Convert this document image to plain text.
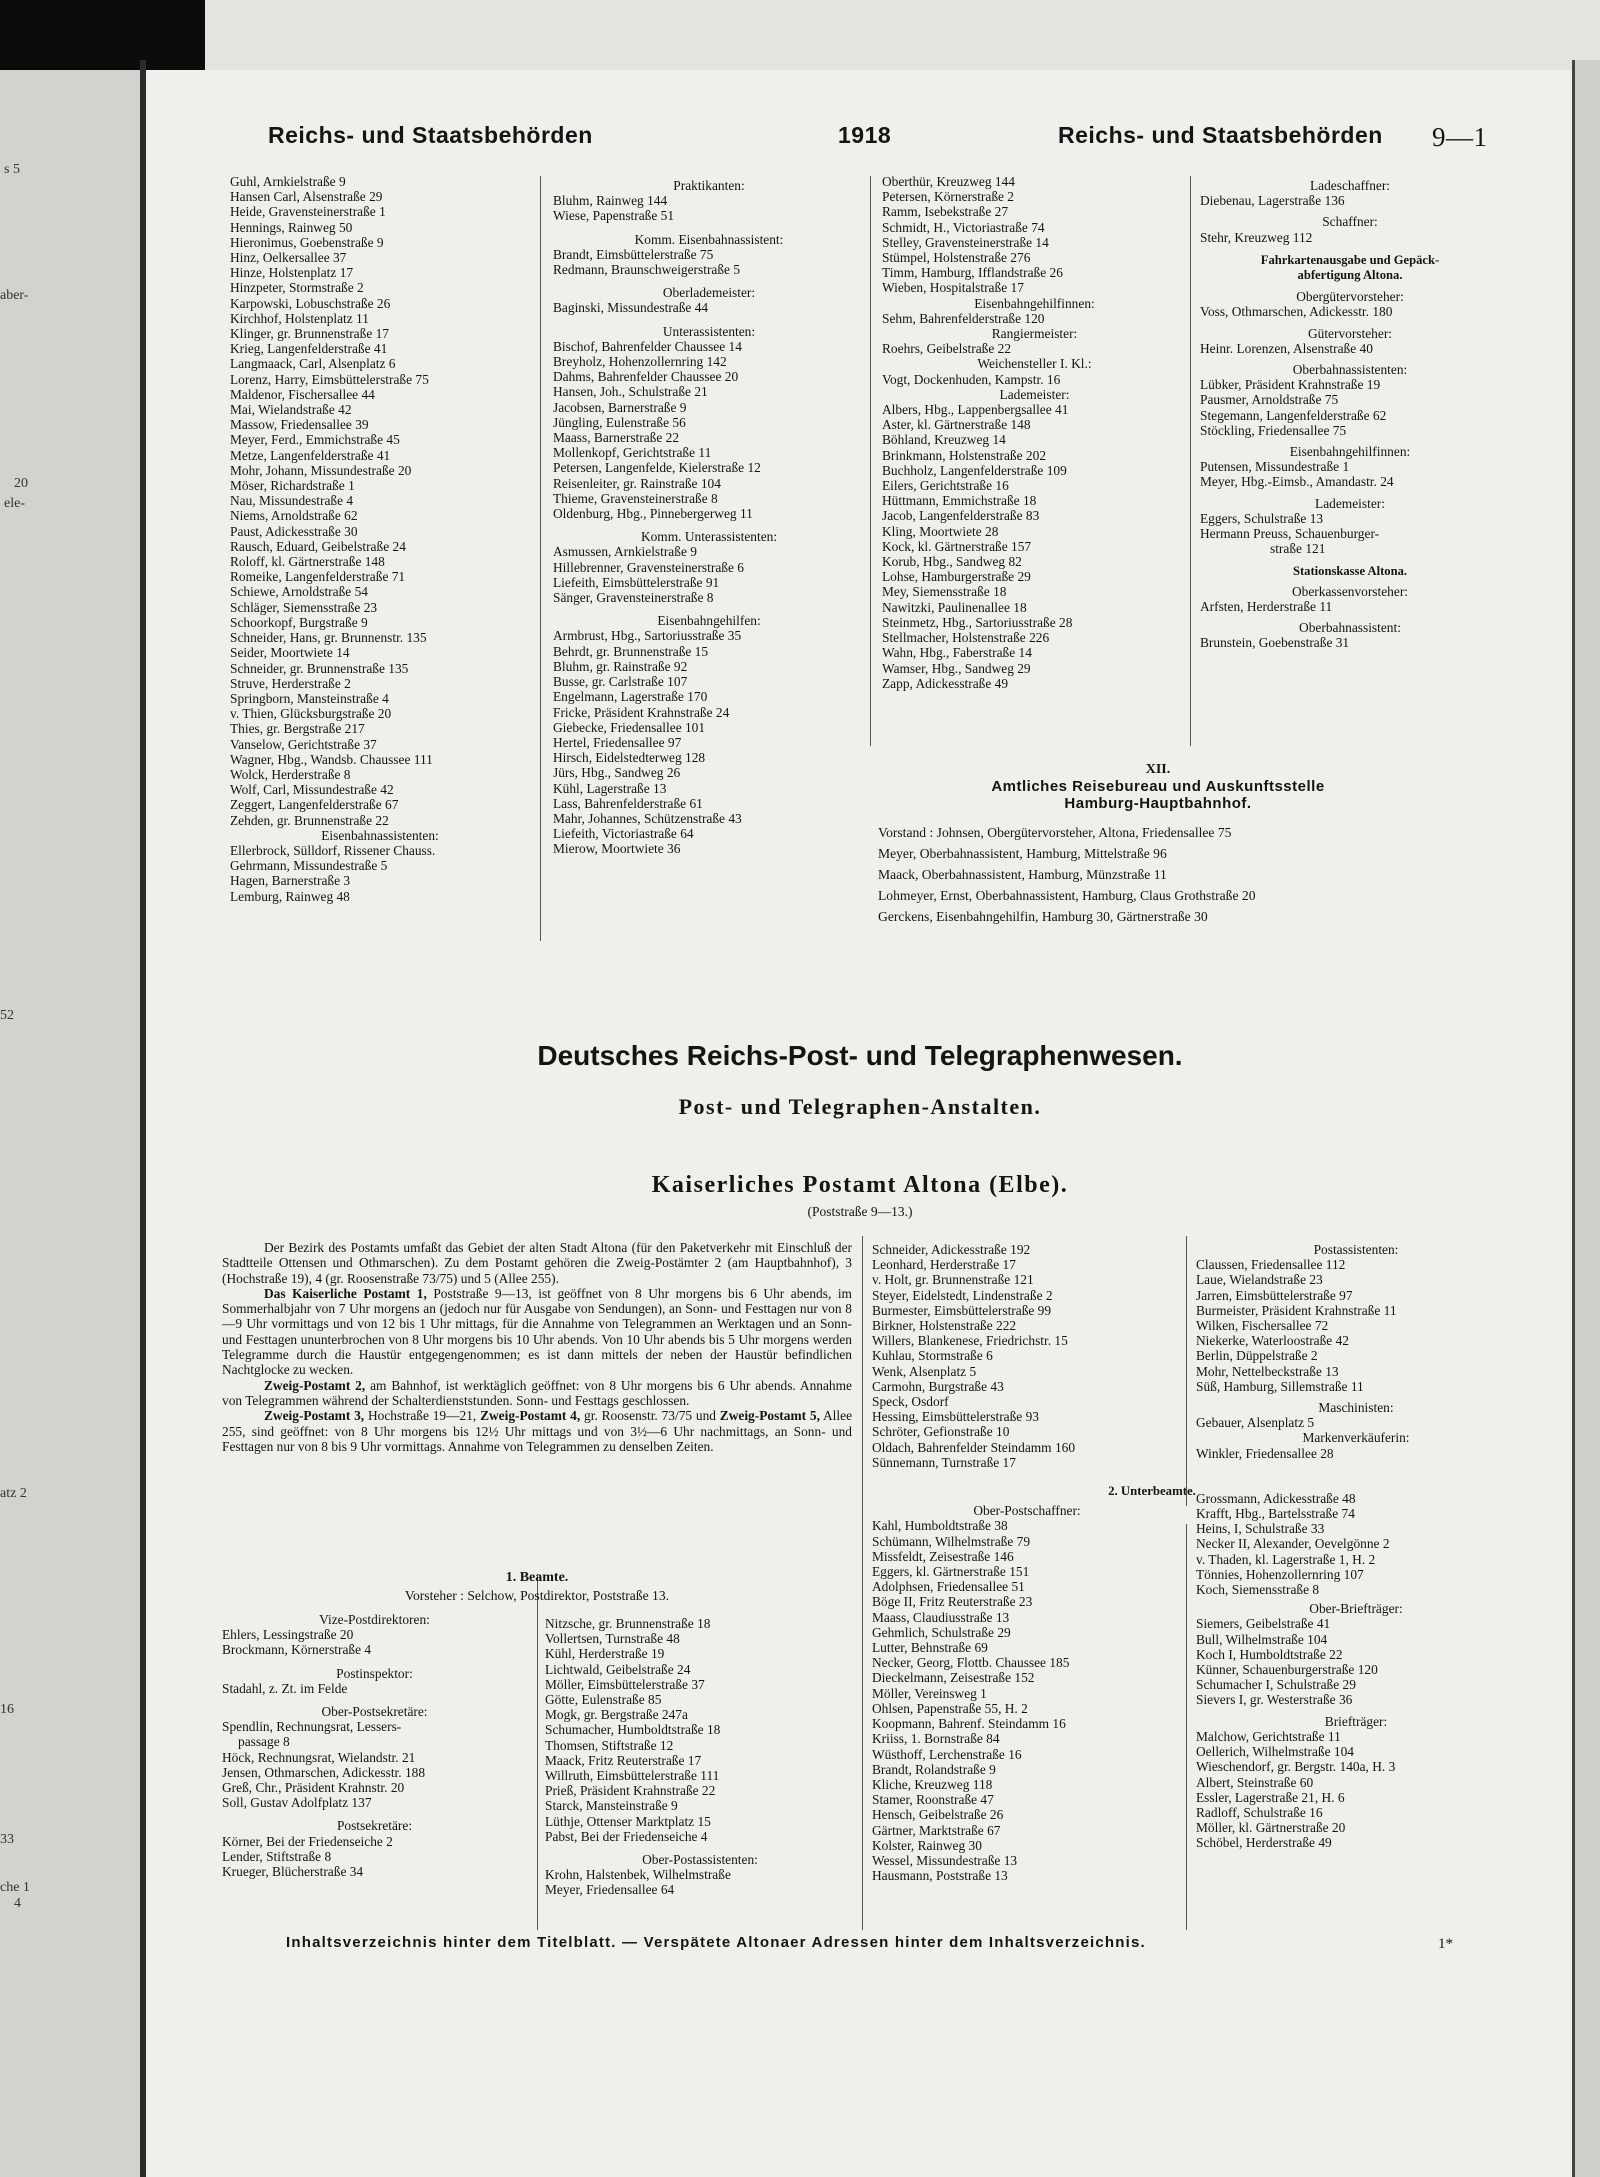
s 5
aber-
20
ele-
52
atz 2
16
33
che 1
4
Reichs- und Staatsbehörden	1918	Reichs- und Staatsbehörden 9—1
Guhl, Arnkielstraße 9
Hansen Carl, Alsenstraße 29
Heide, Gravensteinerstraße 1
Hennings, Rainweg 50
Hieronimus, Goebenstraße 9
Hinz, Oelkersallee 37
Hinze, Holstenplatz 17
Hinzpeter, Stormstraße 2
Karpowski, Lobuschstraße 26
Kirchhof, Holstenplatz 11
Klinger, gr. Brunnenstraße 17
Krieg, Langenfelderstraße 41
Langmaack, Carl, Alsenplatz 6
Lorenz, Harry, Eimsbüttelerstraße 75
Maldenor, Fischersallee 44
Mai, Wielandstraße 42
Massow, Friedensallee 39
Meyer, Ferd., Emmichstraße 45
Metze, Langenfelderstraße 41
Mohr, Johann, Missundestraße 20
Möser, Richardstraße 1
Nau, Missundestraße 4
Niems, Arnoldstraße 62
Paust, Adickesstraße 30
Rausch, Eduard, Geibelstraße 24
Roloff, kl. Gärtnerstraße 148
Romeike, Langenfelderstraße 71
Schiewe, Arnoldstraße 54
Schläger, Siemensstraße 23
Schoorkopf, Burgstraße 9
Schneider, Hans, gr. Brunnenstr. 135
Seider, Moortwiete 14
Schneider, gr. Brunnenstraße 135
Struve, Herderstraße 2
Springborn, Mansteinstraße 4
v. Thien, Glücksburgstraße 20
Thies, gr. Bergstraße 217
Vanselow, Gerichtstraße 37
Wagner, Hbg., Wandsb. Chaussee 111
Wolck, Herderstraße 8
Wolf, Carl, Missundestraße 42
Zeggert, Langenfelderstraße 67
Zehden, gr. Brunnenstraße 22
Eisenbahnassistenten:
Ellerbrock, Sülldorf, Rissener Chauss.
Gehrmann, Missundestraße 5
Hagen, Barnerstraße 3
Lemburg, Rainweg 48
Praktikanten:
Bluhm, Rainweg 144
Wiese, Papenstraße 51
Komm. Eisenbahnassistent:
Brandt, Eimsbüttelerstraße 75
Redmann, Braunschweigerstraße 5
Oberlademeister:
Baginski, Missundestraße 44
Unterassistenten:
Bischof, Bahrenfelder Chaussee 14
Breyholz, Hohenzollernring 142
Dahms, Bahrenfelder Chaussee 20
Hansen, Joh., Schulstraße 21
Jacobsen, Barnerstraße 9
Jüngling, Eulenstraße 56
Maass, Barnerstraße 22
Mollenkopf, Gerichtstraße 11
Petersen, Langenfelde, Kielerstraße 12
Reisenleiter, gr. Rainstraße 104
Thieme, Gravensteinerstraße 8
Oldenburg, Hbg., Pinnebergerweg 11
Komm. Unterassistenten:
Asmussen, Arnkielstraße 9
Hillebrenner, Gravensteinerstraße 6
Liefeith, Eimsbüttelerstraße 91
Sänger, Gravensteinerstraße 8
Eisenbahngehilfen:
Armbrust, Hbg., Sartoriusstraße 35
Behrdt, gr. Brunnenstraße 15
Bluhm, gr. Rainstraße 92
Busse, gr. Carlstraße 107
Engelmann, Lagerstraße 170
Fricke, Präsident Krahnstraße 24
Giebecke, Friedensallee 101
Hertel, Friedensallee 97
Hirsch, Eidelstedterweg 128
Jürs, Hbg., Sandweg 26
Kühl, Lagerstraße 13
Lass, Bahrenfelderstraße 61
Mahr, Johannes, Schützenstraße 43
Liefeith, Victoriastraße 64
Mierow, Moortwiete 36
Oberthür, Kreuzweg 144
Petersen, Körnerstraße 2
Ramm, Isebekstraße 27
Schmidt, H., Victoriastraße 74
Stelley, Gravensteinerstraße 14
Stümpel, Holstenstraße 276
Timm, Hamburg, Ifflandstraße 26
Wieben, Hospitalstraße 17
Eisenbahngehilfinnen:
Sehm, Bahrenfelderstraße 120
Rangiermeister:
Roehrs, Geibelstraße 22
Weichensteller I. Kl.:
Vogt, Dockenhuden, Kampstr. 16
Lademeister:
Albers, Hbg., Lappenbergsallee 41
Aster, kl. Gärtnerstraße 148
Böhland, Kreuzweg 14
Brinkmann, Holstenstraße 202
Buchholz, Langenfelderstraße 109
Eilers, Gerichtstraße 16
Hüttmann, Emmichstraße 18
Jacob, Langenfelderstraße 83
Kling, Moortwiete 28
Kock, kl. Gärtnerstraße 157
Korub, Hbg., Sandweg 82
Lohse, Hamburgerstraße 29
Mey, Siemensstraße 18
Nawitzki, Paulinenallee 18
Steinmetz, Hbg., Sartoriusstraße 28
Stellmacher, Holstenstraße 226
Wahn, Hbg., Faberstraße 14
Wamser, Hbg., Sandweg 29
Zapp, Adickesstraße 49
Ladeschaffner:
Diebenau, Lagerstraße 136
Schaffner:
Stehr, Kreuzweg 112
Fahrkartenausgabe und Gepäck-
abfertigung Altona.
Obergütervorsteher:
Voss, Othmarschen, Adickesstr. 180
Gütervorsteher:
Heinr. Lorenzen, Alsenstraße 40
Oberbahnassistenten:
Lübker, Präsident Krahnstraße 19
Pausmer, Arnoldstraße 75
Stegemann, Langenfelderstraße 62
Stöckling, Friedensallee 75
Eisenbahngehilfinnen:
Putensen, Missundestraße 1
Meyer, Hbg.-Eimsb., Amandastr. 24
Lademeister:
Eggers, Schulstraße 13
Hermann Preuss, Schauenburger-
straße 121
Stationskasse Altona.
Oberkassenvorsteher:
Arfsten, Herderstraße 11
Oberbahnassistent:
Brunstein, Goebenstraße 31
XII.
Amtliches Reisebureau und Auskunftsstelle
Hamburg-Hauptbahnhof.
Vorstand : Johnsen, Obergütervorsteher, Altona, Friedensallee 75
Meyer, Oberbahnassistent, Hamburg, Mittelstraße 96
Maack, Oberbahnassistent, Hamburg, Münzstraße 11
Lohmeyer, Ernst, Oberbahnassistent, Hamburg, Claus Grothstraße 20
Gerckens, Eisenbahngehilfin, Hamburg 30, Gärtnerstraße 30
Deutsches Reichs-Post- und Telegraphenwesen.
Post- und Telegraphen-Anstalten.
Kaiserliches Postamt Altona (Elbe).
(Poststraße 9—13.)

Der Bezirk des Postamts umfaßt das Gebiet der alten Stadt Altona (für den Paketverkehr mit Einschluß der Stadtteile Ottensen und Othmarschen). Zu dem Postamt gehören die Zweig-Postämter 2 (am Hauptbahnhof), 3 (Hochstraße 19), 4 (gr. Roosenstraße 73/75) und 5 (Allee 255).

Das Kaiserliche Postamt 1, Poststraße 9—13, ist geöffnet von 8 Uhr morgens bis 6 Uhr abends, im Sommerhalbjahr von 7 Uhr morgens an (jedoch nur für Ausgabe von Sendungen), an Sonn- und Festtagen nur von 8—9 Uhr vormittags und von 12 bis 1 Uhr mittags, für die Annahme von Telegrammen an Werktagen und an Sonn- und Festtagen ununterbrochen von 8 Uhr morgens bis 10 Uhr abends. Von 10 Uhr abends bis 5 Uhr morgens werden Telegramme durch die Haustür entgegengenommen; es ist dann mittels der neben der Haustür befindlichen Nachtglocke zu wecken.

Zweig-Postamt 2, am Bahnhof, ist werktäglich geöffnet: von 8 Uhr morgens bis 6 Uhr abends. Annahme von Telegrammen während der Schalterdienststunden. Sonn- und Festtags geschlossen.

Zweig-Postamt 3, Hochstraße 19—21, Zweig-Postamt 4, gr. Roosenstr. 73/75 und Zweig-Postamt 5, Allee 255, sind geöffnet: von 8 Uhr morgens bis 12½ Uhr mittags und von 3½—6 Uhr nachmittags, an Sonn- und Festtagen nur von 8 bis 9 Uhr vormittags. Annahme von Telegrammen zu denselben Zeiten.

1. Beamte.
Vorsteher : Selchow, Postdirektor, Poststraße 13.
Vize-Postdirektoren:
Ehlers, Lessingstraße 20
Brockmann, Körnerstraße 4
Postinspektor:
Stadahl, z. Zt. im Felde
Ober-Postsekretäre:
Spendlin, Rechnungsrat, Lessers-
passage 8
Höck, Rechnungsrat, Wielandstr. 21
Jensen, Othmarschen, Adickesstr. 188
Greß, Chr., Präsident Krahnstr. 20
Soll, Gustav Adolfplatz 137
Postsekretäre:
Körner, Bei der Friedenseiche 2
Lender, Stiftstraße 8
Krueger, Blücherstraße 34
Nitzsche, gr. Brunnenstraße 18
Vollertsen, Turnstraße 48
Kühl, Herderstraße 19
Lichtwald, Geibelstraße 24
Möller, Eimsbüttelerstraße 37
Götte, Eulenstraße 85
Mogk, gr. Bergstraße 247a
Schumacher, Humboldtstraße 18
Thomsen, Stiftstraße 12
Maack, Fritz Reuterstraße 17
Willruth, Eimsbüttelerstraße 111
Prieß, Präsident Krahnstraße 22
Starck, Mansteinstraße 9
Lüthje, Ottenser Marktplatz 15
Pabst, Bei der Friedenseiche 4
Ober-Postassistenten:
Krohn, Halstenbek, Wilhelmstraße
Meyer, Friedensallee 64
Schneider, Adickesstraße 192
Leonhard, Herderstraße 17
v. Holt, gr. Brunnenstraße 121
Steyer, Eidelstedt, Lindenstraße 2
Burmester, Eimsbüttelerstraße 99
Birkner, Holstenstraße 222
Willers, Blankenese, Friedrichstr. 15
Kuhlau, Stormstraße 6
Wenk, Alsenplatz 5
Carmohn, Burgstraße 43
Speck, Osdorf
Hessing, Eimsbüttelerstraße 93
Schröter, Gefionstraße 10
Oldach, Bahrenfelder Steindamm 160
Sünnemann, Turnstraße 17
2. Unterbeamte.
Ober-Postschaffner:
Kahl, Humboldtstraße 38
Schümann, Wilhelmstraße 79
Missfeldt, Zeisestraße 146
Eggers, kl. Gärtnerstraße 151
Adolphsen, Friedensallee 51
Böge II, Fritz Reuterstraße 23
Maass, Claudiusstraße 13
Gehmlich, Schulstraße 29
Lutter, Behnstraße 69
Necker, Georg, Flottb. Chaussee 185
Dieckelmann, Zeisestraße 152
Möller, Vereinsweg 1
Ohlsen, Papenstraße 55, H. 2
Koopmann, Bahrenf. Steindamm 16
Kriiss, 1. Bornstraße 84
Wüsthoff, Lerchenstraße 16
Brandt, Rolandstraße 9
Kliche, Kreuzweg 118
Stamer, Roonstraße 47
Hensch, Geibelstraße 26
Gärtner, Marktstraße 67
Kolster, Rainweg 30
Wessel, Missundestraße 13
Hausmann, Poststraße 13
Postassistenten:
Claussen, Friedensallee 112
Laue, Wielandstraße 23
Jarren, Eimsbüttelerstraße 97
Burmeister, Präsident Krahnstraße 11
Wilken, Fischersallee 72
Niekerke, Waterloostraße 42
Berlin, Düppelstraße 2
Mohr, Nettelbeckstraße 13
Süß, Hamburg, Sillemstraße 11
Maschinisten:
Gebauer, Alsenplatz 5
Markenverkäuferin:
Winkler, Friedensallee 28
Grossmann, Adickesstraße 48
Krafft, Hbg., Bartelsstraße 74
Heins, I, Schulstraße 33
Necker II, Alexander, Oevelgönne 2
v. Thaden, kl. Lagerstraße 1, H. 2
Tönnies, Hohenzollernring 107
Koch, Siemensstraße 8
Ober-Briefträger:
Siemers, Geibelstraße 41
Bull, Wilhelmstraße 104
Koch I, Humboldtstraße 22
Künner, Schauenburgerstraße 120
Schumacher I, Schulstraße 29
Sievers I, gr. Westerstraße 36
Briefträger:
Malchow, Gerichtstraße 11
Oellerich, Wilhelmstraße 104
Wieschendorf, gr. Bergstr. 140a, H. 3
Albert, Steinstraße 60
Essler, Lagerstraße 21, H. 6
Radloff, Schulstraße 16
Möller, kl. Gärtnerstraße 20
Schöbel, Herderstraße 49
Inhaltsverzeichnis hinter dem Titelblatt. — Verspätete Altonaer Adressen hinter dem Inhaltsverzeichnis.	1*
